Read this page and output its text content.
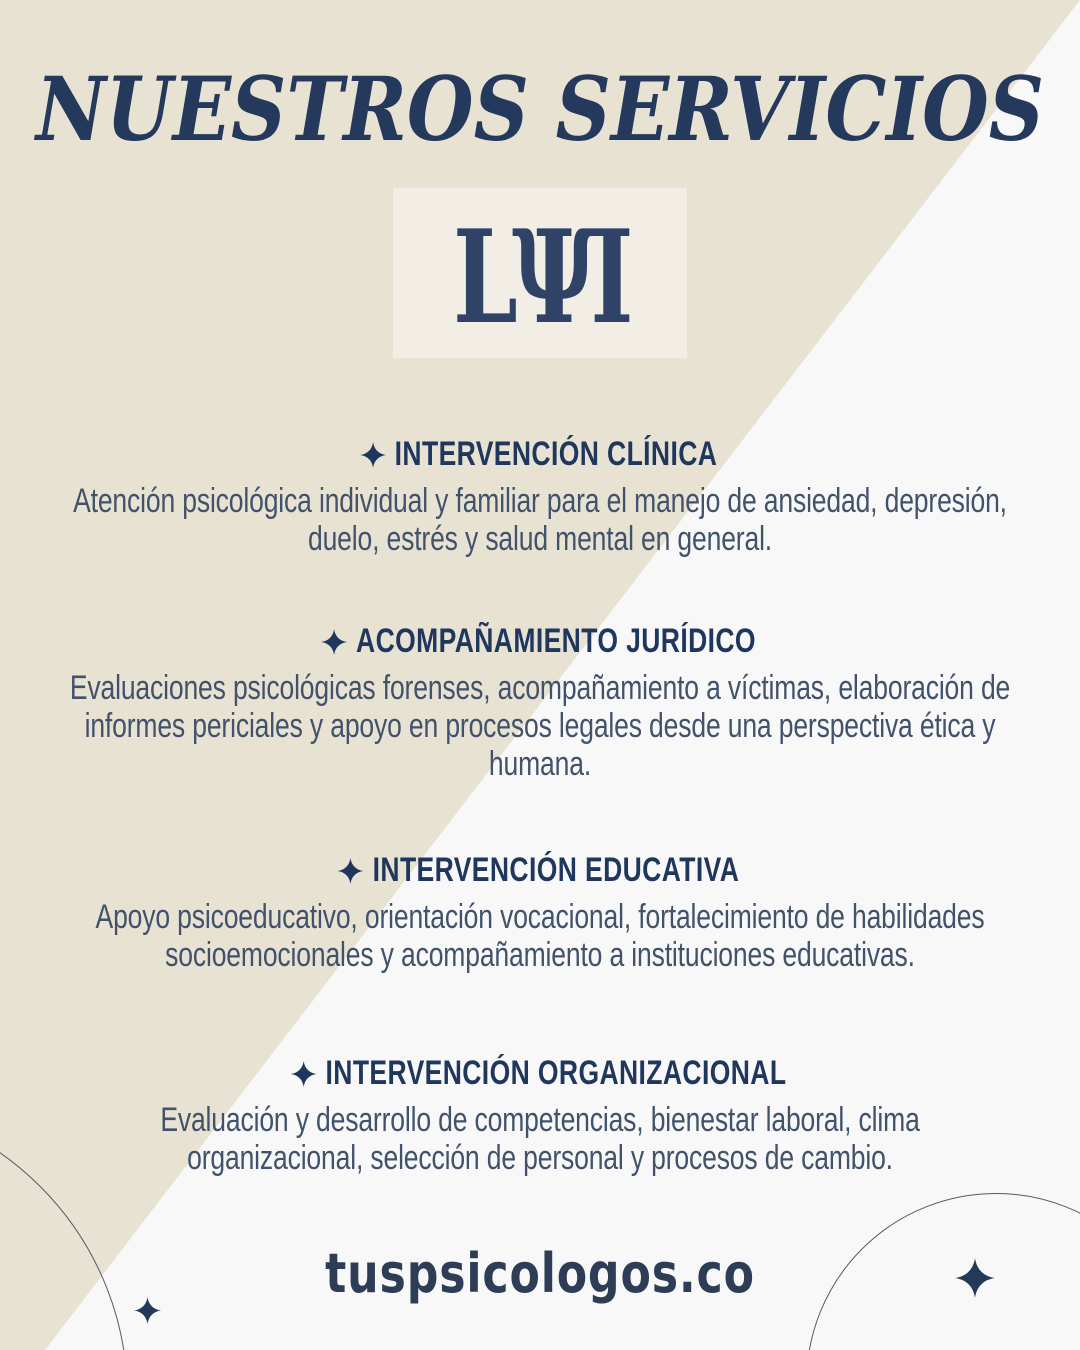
NUESTROS SERVICIOS
LΨI
INTERVENCIÓN CLÍNICA
Atención psicológica individual y familiar para el manejo de ansiedad, depresión,
duelo, estrés y salud mental en general.
ACOMPAÑAMIENTO JURÍDICO
Evaluaciones psicológicas forenses, acompañamiento a víctimas, elaboración de
informes periciales y apoyo en procesos legales desde una perspectiva ética y
humana.
INTERVENCIÓN EDUCATIVA
Apoyo psicoeducativo, orientación vocacional, fortalecimiento de habilidades
socioemocionales y acompañamiento a instituciones educativas.
INTERVENCIÓN ORGANIZACIONAL
Evaluación y desarrollo de competencias, bienestar laboral, clima
organizacional, selección de personal y procesos de cambio.
tuspsicologos.co
